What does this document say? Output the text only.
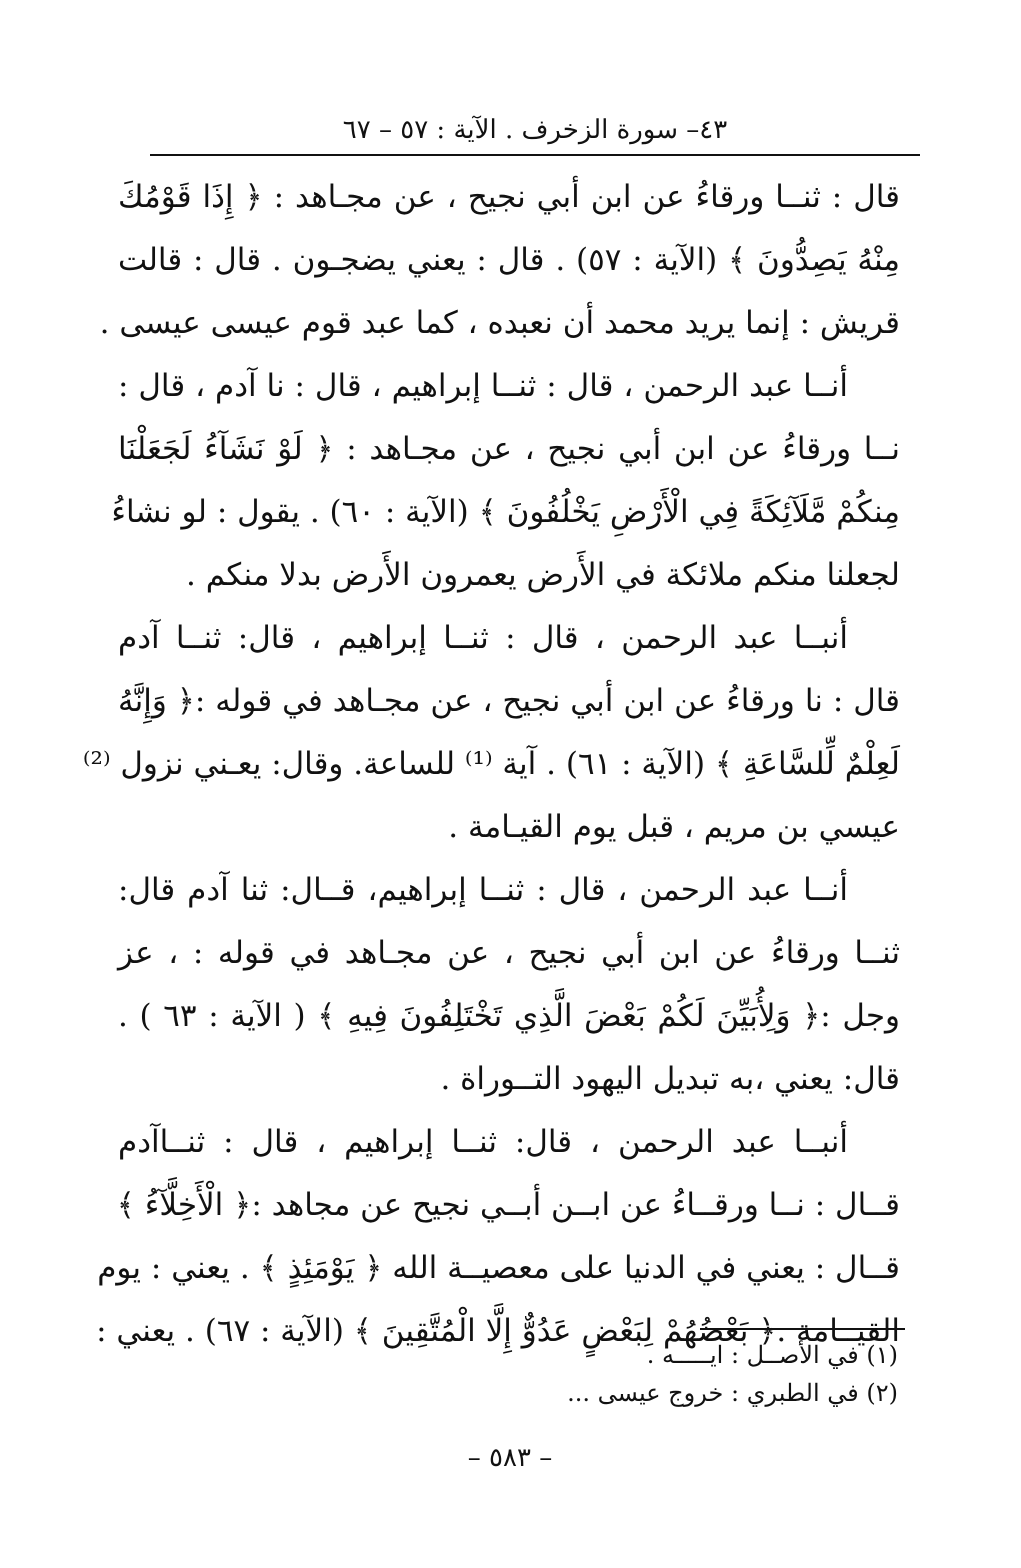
٤٣– سورة الزخرف . الآية : ٥٧ – ٦٧
قال : ثنــا ورقاءُ عن ابن أبي نجيح ، عن مجـاهد : ﴿ إِذَا قَوْمُكَ
مِنْهُ يَصِدُّونَ ﴾ (الآية : ٥٧) . قال : يعني يضجـون . قال : قالت
قريش : إنما يريد محمد أن نعبده ، كما عبد قوم عيسى عيسى .
أنــا عبد الرحمن ، قال : ثنــا إبراهيم ، قال : نا آدم ، قال :
نــا ورقاءُ عن ابن أبي نجيح ، عن مجـاهد : ﴿ لَوْ نَشَآءُ لَجَعَلْنَا
مِنكُمْ مَّلَآئِكَةً فِي الْأَرْضِ يَخْلُفُونَ ﴾ (الآية : ٦٠) . يقول : لو نشاءُ
لجعلنا منكم ملائكة في الأَرض يعمرون الأَرض بدلا منكم .
أنبــا عبد الرحمن ، قال : ثنــا إبراهيم ، قال: ثنــا آدم
قال : نا ورقاءُ عن ابن أبي نجيح ، عن مجـاهد في قوله :﴿ وَإِنَّهُ
لَعِلْمٌ لِّلسَّاعَةِ ﴾ (الآية : ٦١) . آية ⁽¹⁾ للساعة. وقال: يعـني نزول ⁽²⁾
عيسي بن مريم ، قبل يوم القيـامة .
أنــا عبد الرحمن ، قال : ثنــا إبراهيم، قــال: ثنا آدم قال:
ثنــا ورقاءُ عن ابن أبي نجيح ، عن مجـاهد في قوله : ، عز
وجل :﴿ وَلِأُبَيِّنَ لَكُمْ بَعْضَ الَّذِي تَخْتَلِفُونَ فِيهِ ﴾ ( الآية : ٦٣ ) .
قال: يعني ،به تبديل اليهود التــوراة .
أنبــا عبد الرحمن ، قال: ثنــا إبراهيم ، قال : ثنــاآدم
قــال : نــا ورقــاءُ عن ابــن أبــي نجيح عن مجاهد :﴿ الْأَخِلَّآءُ ﴾
قــال : يعني في الدنيا على معصيــة الله ﴿ يَوْمَئِذٍ ﴾ . يعني : يوم
القيــامة .﴿ بَعْضُهُمْ لِبَعْضٍ عَدُوٌّ إِلَّا الْمُتَّقِينَ ﴾ (الآية : ٦٧) . يعني :
(١) في الأصــل : ايـــــه .
(٢) في الطبري : خروج عيسى ...
– ٥٨٣ –
